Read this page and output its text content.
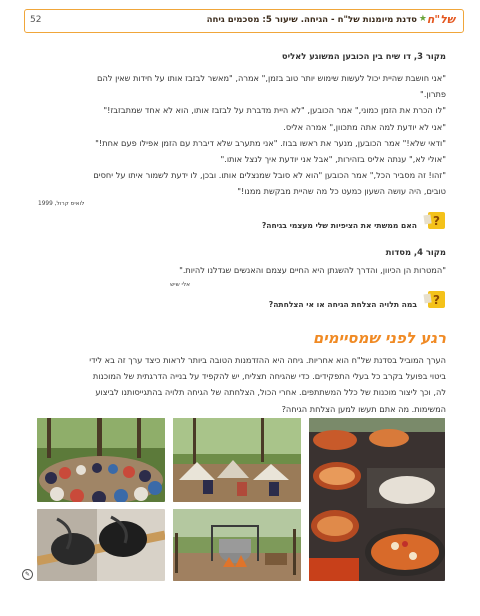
52	סדנת מיומנות של"ח - הגיחה. שיעור 5: מסכמים גיחה ★ של"ח
מקור 3, דו שיח בין הכובען המשוגע לאליס
"אני חושבת שהיית יכול לעשות שימוש יותר טוב בזמן," אמרה, "מאשר לבזבז אותו על חידות שאין להם
פתרון."
"לו הכרת את הזמן כמוני," אמר הכובען, "לא היית מדברת על לבזבז אותו, הוא לא אחד שמתבזבז!"
"אני לא יודעת למה אתה מתכוון," אמרה אליס.
"ודאי שלא!" אמר הכובען, מנער את ראשו בבוז. "אני מתערב שלא דיברת עם הזמן אפילו פעם אחת!"
"אולי לא," ענתה אליס בזהירות, "אבל אני יודעת איך לנצל אותו."
"זהו! זה מסביר הכל," אמר הכובען "הוא לא סובל שמנצלים אותו. ובכן, לו ידעת לשמור איתו על יחסים
טובים, היה עושה השעון כמעט כל מה שהיית מבקשת ממנו!"
לואיס קרול, 1999
?
האם ממשתי את הציפיות שלי מעצמי בגיחה?
מקור 4, מסדות
"המטרות הן הכיוון, והדרך להשגתן היא החיים עצמם והאנשים שגדלנו להיות."
אלי שיש
?
במה תלויה הצלחת הגיחה או אי הצלחתה?
רגע לפני שמסיימים
הערך המוביל בסדנת של"ח הוא אחריות. גיחה היא ההזדמנות הטובה ביותר לראות כיצד ערך זה בא לידי
ביטוי בפועל בקרב כל בעלי התפקידים. כדי שהגיחה תצליח, יש להקפיד על בנייה הדרגתית של המוכנות
לה, וכך ליצור מוכנות של כלל המשתתפים. אחרי הכול, הצלחתה של הגיחה תלויה בהתגייסותנו לביצוע
המשימות. מה אתם תעשו למען הצלחת הגיחה?
✎
